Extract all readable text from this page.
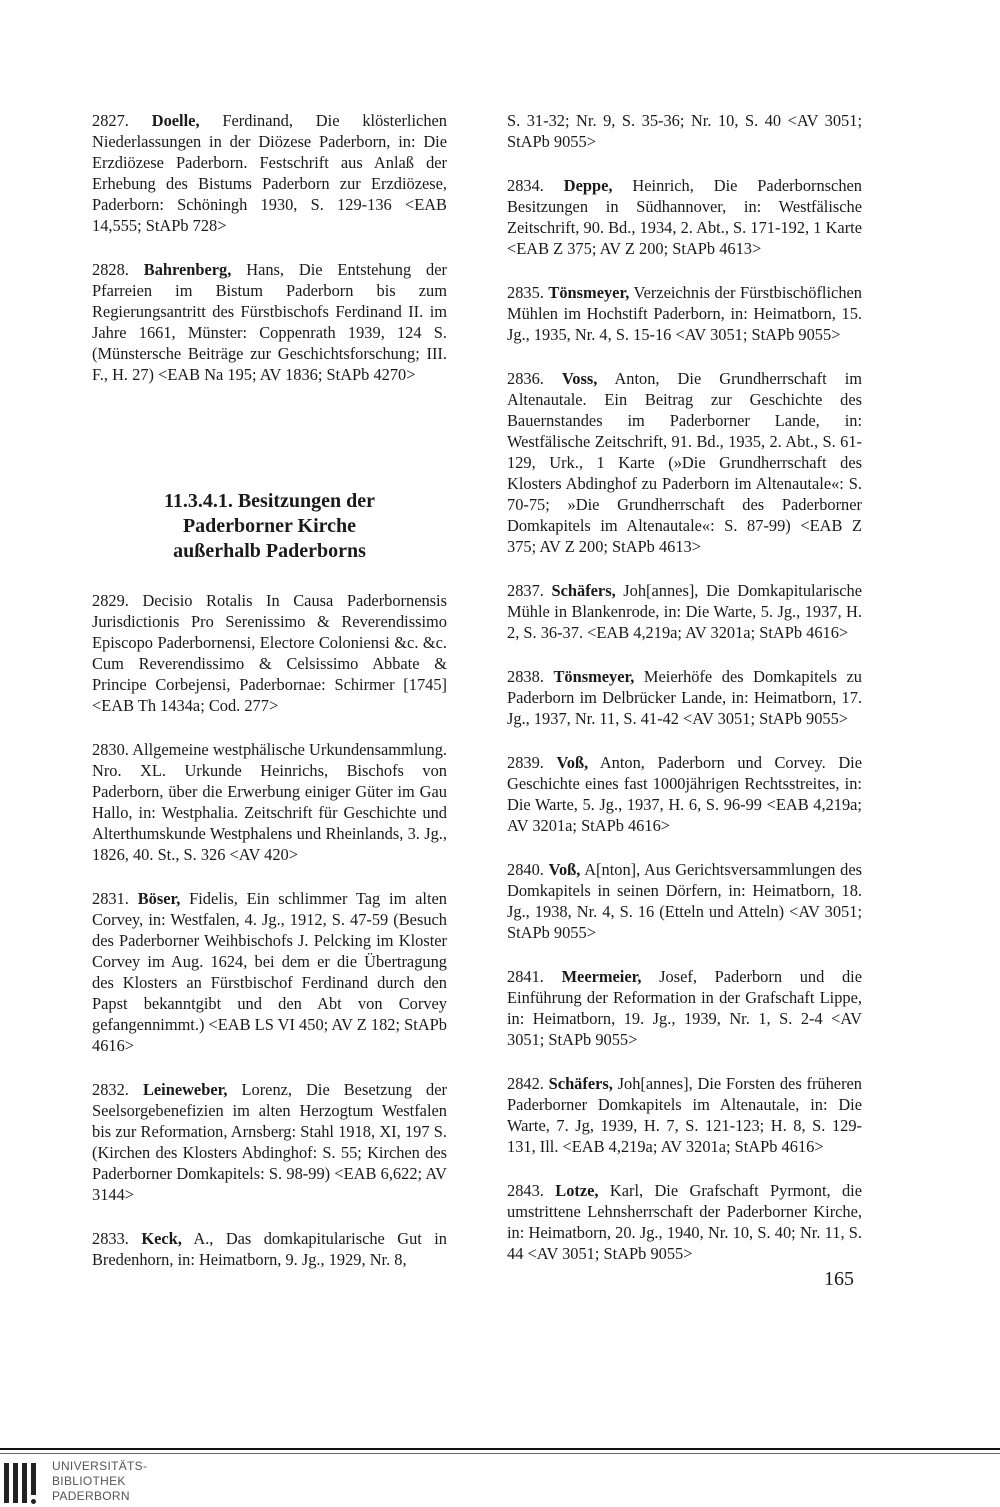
2827. Doelle, Ferdinand, Die klösterlichen Niederlassungen in der Diözese Paderborn, in: Die Erzdiözese Paderborn. Festschrift aus Anlaß der Erhebung des Bistums Paderborn zur Erzdiözese, Paderborn: Schöningh 1930, S. 129-136 <EAB 14,555; StAPb 728>

2828. Bahrenberg, Hans, Die Entstehung der Pfarreien im Bistum Paderborn bis zum Regierungsantritt des Fürstbischofs Ferdinand II. im Jahre 1661, Münster: Coppenrath 1939, 124 S. (Münstersche Beiträge zur Geschichtsforschung; III. F., H. 27) <EAB Na 195; AV 1836; StAPb 4270>

11.3.4.1. Besitzungen der
Paderborner Kirche
außerhalb Paderborns

2829. Decisio Rotalis In Causa Paderbornensis Jurisdictionis Pro Serenissimo & Reverendissimo Episcopo Paderbornensi, Electore Coloniensi &c. &c. Cum Reverendissimo & Celsissimo Abbate & Principe Corbejensi, Paderbornae: Schirmer [1745] <EAB Th 1434a; Cod. 277>

2830. Allgemeine westphälische Urkundensammlung. Nro. XL. Urkunde Heinrichs, Bischofs von Paderborn, über die Erwerbung einiger Güter im Gau Hallo, in: Westphalia. Zeitschrift für Geschichte und Alterthumskunde Westphalens und Rheinlands, 3. Jg., 1826, 40. St., S. 326 <AV 420>

2831. Böser, Fidelis, Ein schlimmer Tag im alten Corvey, in: Westfalen, 4. Jg., 1912, S. 47-59 (Besuch des Paderborner Weihbischofs J. Pelcking im Kloster Corvey im Aug. 1624, bei dem er die Übertragung des Klosters an Fürstbischof Ferdinand durch den Papst bekanntgibt und den Abt von Corvey gefangennimmt.) <EAB LS VI 450; AV Z 182; StAPb 4616>

2832. Leineweber, Lorenz, Die Besetzung der Seelsorgebenefizien im alten Herzogtum Westfalen bis zur Reformation, Arnsberg: Stahl 1918, XI, 197 S. (Kirchen des Klosters Abdinghof: S. 55; Kirchen des Paderborner Domkapitels: S. 98-99) <EAB 6,622; AV 3144>

2833. Keck, A., Das domkapitularische Gut in Bredenhorn, in: Heimatborn, 9. Jg., 1929, Nr. 8,

S. 31-32; Nr. 9, S. 35-36; Nr. 10, S. 40 <AV 3051; StAPb 9055>

2834. Deppe, Heinrich, Die Paderbornschen Besitzungen in Südhannover, in: Westfälische Zeitschrift, 90. Bd., 1934, 2. Abt., S. 171-192, 1 Karte <EAB Z 375; AV Z 200; StAPb 4613>

2835. Tönsmeyer, Verzeichnis der Fürstbischöflichen Mühlen im Hochstift Paderborn, in: Heimatborn, 15. Jg., 1935, Nr. 4, S. 15-16 <AV 3051; StAPb 9055>

2836. Voss, Anton, Die Grundherrschaft im Altenautale. Ein Beitrag zur Geschichte des Bauernstandes im Paderborner Lande, in: Westfälische Zeitschrift, 91. Bd., 1935, 2. Abt., S. 61-129, Urk., 1 Karte (»Die Grundherrschaft des Klosters Abdinghof zu Paderborn im Altenautale«: S. 70-75; »Die Grundherrschaft des Paderborner Domkapitels im Altenautale«: S. 87-99) <EAB Z 375; AV Z 200; StAPb 4613>

2837. Schäfers, Joh[annes], Die Domkapitularische Mühle in Blankenrode, in: Die Warte, 5. Jg., 1937, H. 2, S. 36-37. <EAB 4,219a; AV 3201a; StAPb 4616>

2838. Tönsmeyer, Meierhöfe des Domkapitels zu Paderborn im Delbrücker Lande, in: Heimatborn, 17. Jg., 1937, Nr. 11, S. 41-42 <AV 3051; StAPb 9055>

2839. Voß, Anton, Paderborn und Corvey. Die Geschichte eines fast 1000jährigen Rechtsstreites, in: Die Warte, 5. Jg., 1937, H. 6, S. 96-99 <EAB 4,219a; AV 3201a; StAPb 4616>

2840. Voß, A[nton], Aus Gerichtsversammlungen des Domkapitels in seinen Dörfern, in: Heimatborn, 18. Jg., 1938, Nr. 4, S. 16 (Etteln und Atteln) <AV 3051; StAPb 9055>

2841. Meermeier, Josef, Paderborn und die Einführung der Reformation in der Grafschaft Lippe, in: Heimatborn, 19. Jg., 1939, Nr. 1, S. 2-4 <AV 3051; StAPb 9055>

2842. Schäfers, Joh[annes], Die Forsten des früheren Paderborner Domkapitels im Altenautale, in: Die Warte, 7. Jg, 1939, H. 7, S. 121-123; H. 8, S. 129-131, Ill. <EAB 4,219a; AV 3201a; StAPb 4616>

2843. Lotze, Karl, Die Grafschaft Pyrmont, die umstrittene Lehnsherrschaft der Paderborner Kirche, in: Heimatborn, 20. Jg., 1940, Nr. 10, S. 40; Nr. 11, S. 44 <AV 3051; StAPb 9055>

165
UNIVERSITÄTS-
BIBLIOTHEK
PADERBORN
